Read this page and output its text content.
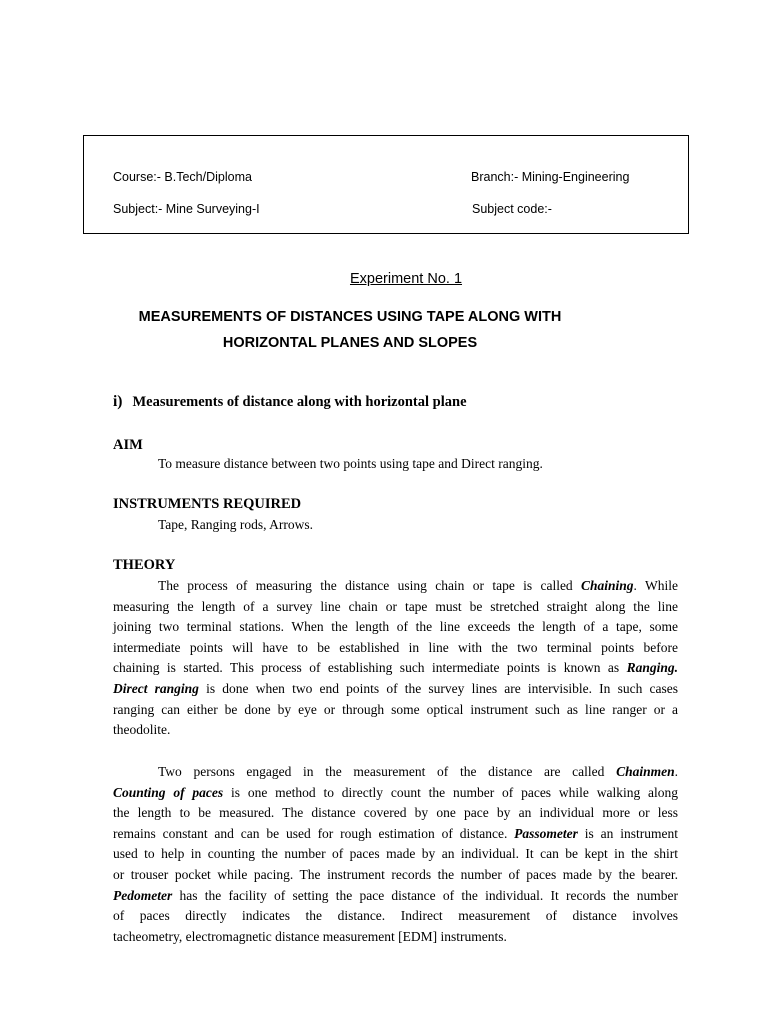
Course:- B.Tech/Diploma	Branch:- Mining-Engineering
Subject:- Mine Surveying-I	Subject code:-
Experiment No. 1
MEASUREMENTS OF DISTANCES USING TAPE ALONG WITH
HORIZONTAL PLANES AND SLOPES
i) Measurements of distance along with horizontal plane
AIM
To measure distance between two points using tape and Direct ranging.
INSTRUMENTS REQUIRED
Tape, Ranging rods, Arrows.
THEORY
The process of measuring the distance using chain or tape is called Chaining. While
measuring the length of a survey line chain or tape must be stretched straight along the line
joining two terminal stations. When the length of the line exceeds the length of a tape, some
intermediate points will have to be established in line with the two terminal points before
chaining is started. This process of establishing such intermediate points is known as Ranging.
Direct ranging is done when two end points of the survey lines are intervisible. In such cases
ranging can either be done by eye or through some optical instrument such as line ranger or a
theodolite.
Two persons engaged in the measurement of the distance are called Chainmen.
Counting of paces is one method to directly count the number of paces while walking along
the length to be measured. The distance covered by one pace by an individual more or less
remains constant and can be used for rough estimation of distance. Passometer is an instrument
used to help in counting the number of paces made by an individual. It can be kept in the shirt
or trouser pocket while pacing. The instrument records the number of paces made by the bearer.
Pedometer has the facility of setting the pace distance of the individual. It records the number
of paces directly indicates the distance. Indirect measurement of distance involves
tacheometry, electromagnetic distance measurement [EDM] instruments.
